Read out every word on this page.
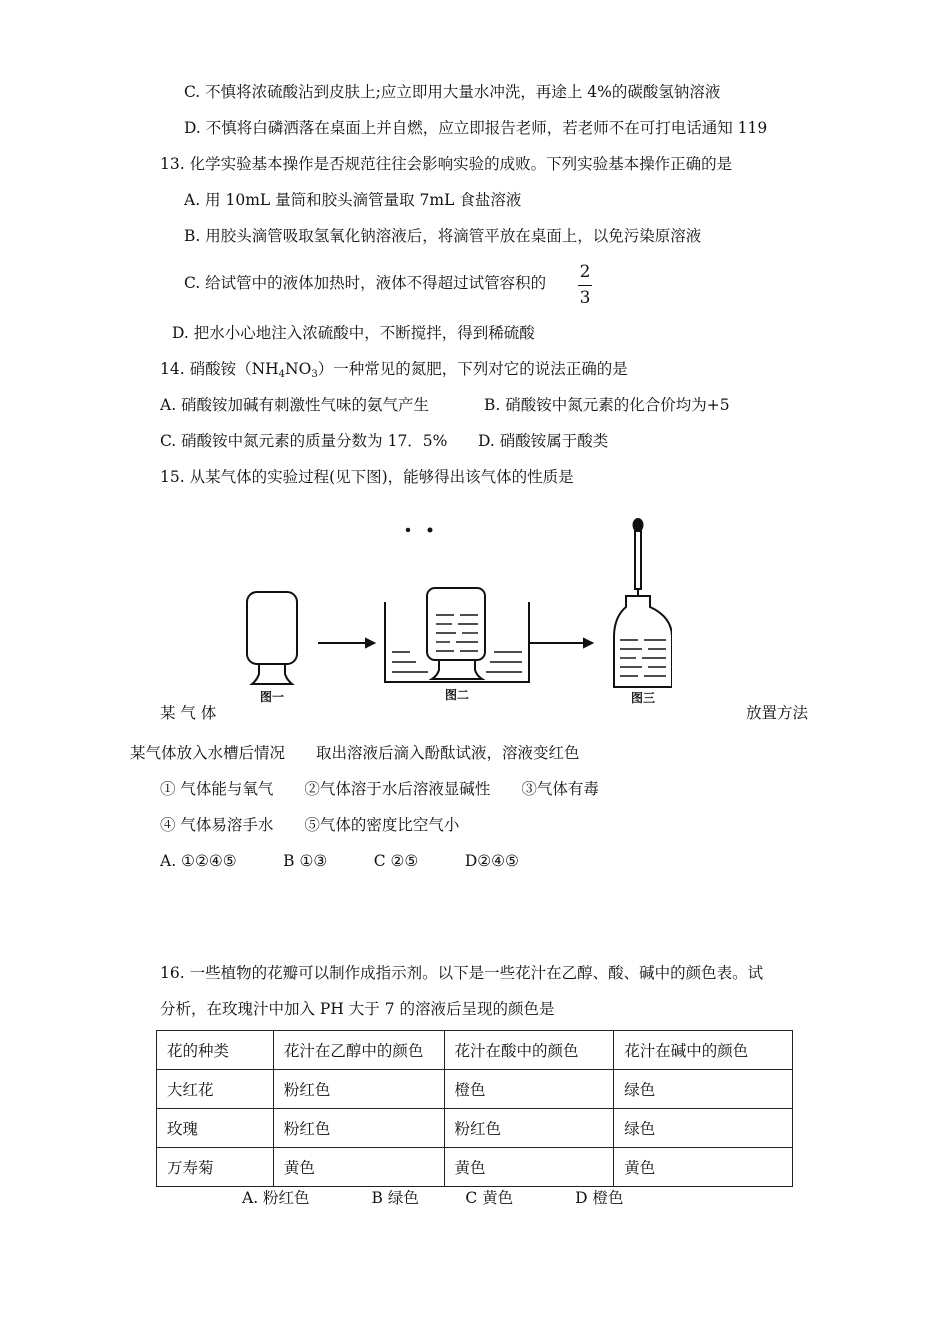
C. 不慎将浓硫酸沾到皮肤上;应立即用大量水冲洗，再途上 4%的碳酸氢钠溶液
D. 不慎将白磷洒落在桌面上并自燃，应立即报告老师，若老师不在可打电话通知 119
13. 化学实验基本操作是否规范往往会影响实验的成败。下列实验基本操作正确的是
A. 用 10mL 量筒和胶头滴管量取 7mL 食盐溶液
B. 用胶头滴管吸取氢氧化钠溶液后，将滴管平放在桌面上，以免污染原溶液
C. 给试管中的液体加热时，液体不得超过试管容积的
2
3
D. 把水小心地注入浓硫酸中，不断搅拌，得到稀硫酸
14. 硝酸铵$(NH_4NO_3)$一种常见的氮肥，下列对它的说法正确的是
A. 硝酸铵加碱有刺激性气味的氨气产生	B. 硝酸铵中氮元素的化合价均为+5
C. 硝酸铵中氮元素的质量分数为 17．5% D. 硝酸铵属于酸类
15. 从某气体的实验过程(见下图)，能够得出该气体的性质是
图一	图二	图三
某 气 体	放置方法
某气体放入水槽后情况　　取出溶液后滴入酚酞试液，溶液变红色
① 气体能与氧气　　②气体溶于水后溶液显碱性　　③气体有毒
④ 气体易溶手水　　⑤气体的密度比空气小
A. ①②④⑤　　　B ①③　　　C ②⑤　　　D②④⑤
16. 一些植物的花瓣可以制作成指示剂。以下是一些花汁在乙醇、酸、碱中的颜色表。试
分析，在玫瑰汁中加入 PH 大于 7 的溶液后呈现的颜色是
花的种类	花汁在乙醇中的颜色	花汁在酸中的颜色	花汁在碱中的颜色
大红花	粉红色	橙色	绿色
玫瑰	粉红色	粉红色	绿色
万寿菊	黄色	黄色	黄色
A. 粉红色　　　　B 绿色　　　C 黄色　　　　D 橙色
